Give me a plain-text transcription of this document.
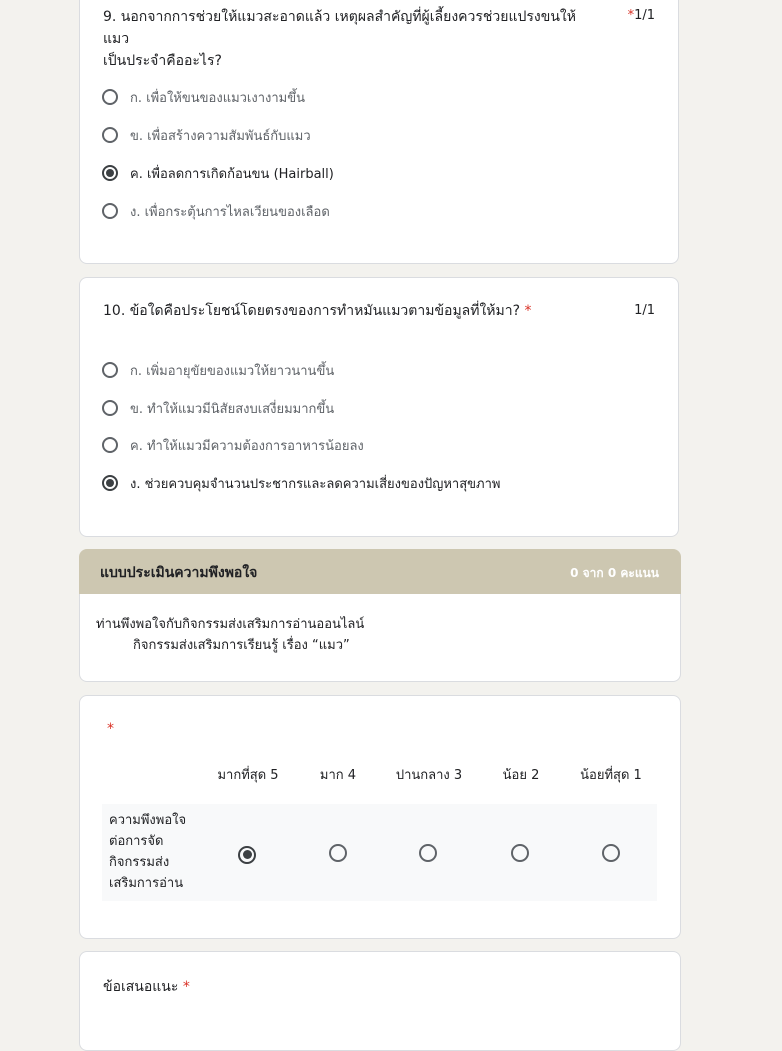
9. นอกจากการช่วยให้แมวสะอาดแล้ว เหตุผลสำคัญที่ผู้เลี้ยงควรช่วยแปรงขนให้แมว
เป็นประจำคืออะไร?
*1/1
ก. เพื่อให้ขนของแมวเงางามขึ้น
ข. เพื่อสร้างความสัมพันธ์กับแมว
ค. เพื่อลดการเกิดก้อนขน (Hairball)
ง. เพื่อกระตุ้นการไหลเวียนของเลือด
10. ข้อใดคือประโยชน์โดยตรงของการทำหมันแมวตามข้อมูลที่ให้มา? *	1/1
ก. เพิ่มอายุขัยของแมวให้ยาวนานขึ้น
ข. ทำให้แมวมีนิสัยสงบเสงี่ยมมากขึ้น
ค. ทำให้แมวมีความต้องการอาหารน้อยลง
ง. ช่วยควบคุมจำนวนประชากรและลดความเสี่ยงของปัญหาสุขภาพ
แบบประเมินความพึงพอใจ	0 จาก 0 คะแนน
ท่านพึงพอใจกับกิจกรรมส่งเสริมการอ่านออนไลน์
กิจกรรมส่งเสริมการเรียนรู้ เรื่อง “แมว”
*
มากที่สุด 5	มาก 4	ปานกลาง 3	น้อย 2	น้อยที่สุด 1
ความพึงพอใจ
ต่อการจัด
กิจกรรมส่ง
เสริมการอ่าน
ข้อเสนอแนะ *
